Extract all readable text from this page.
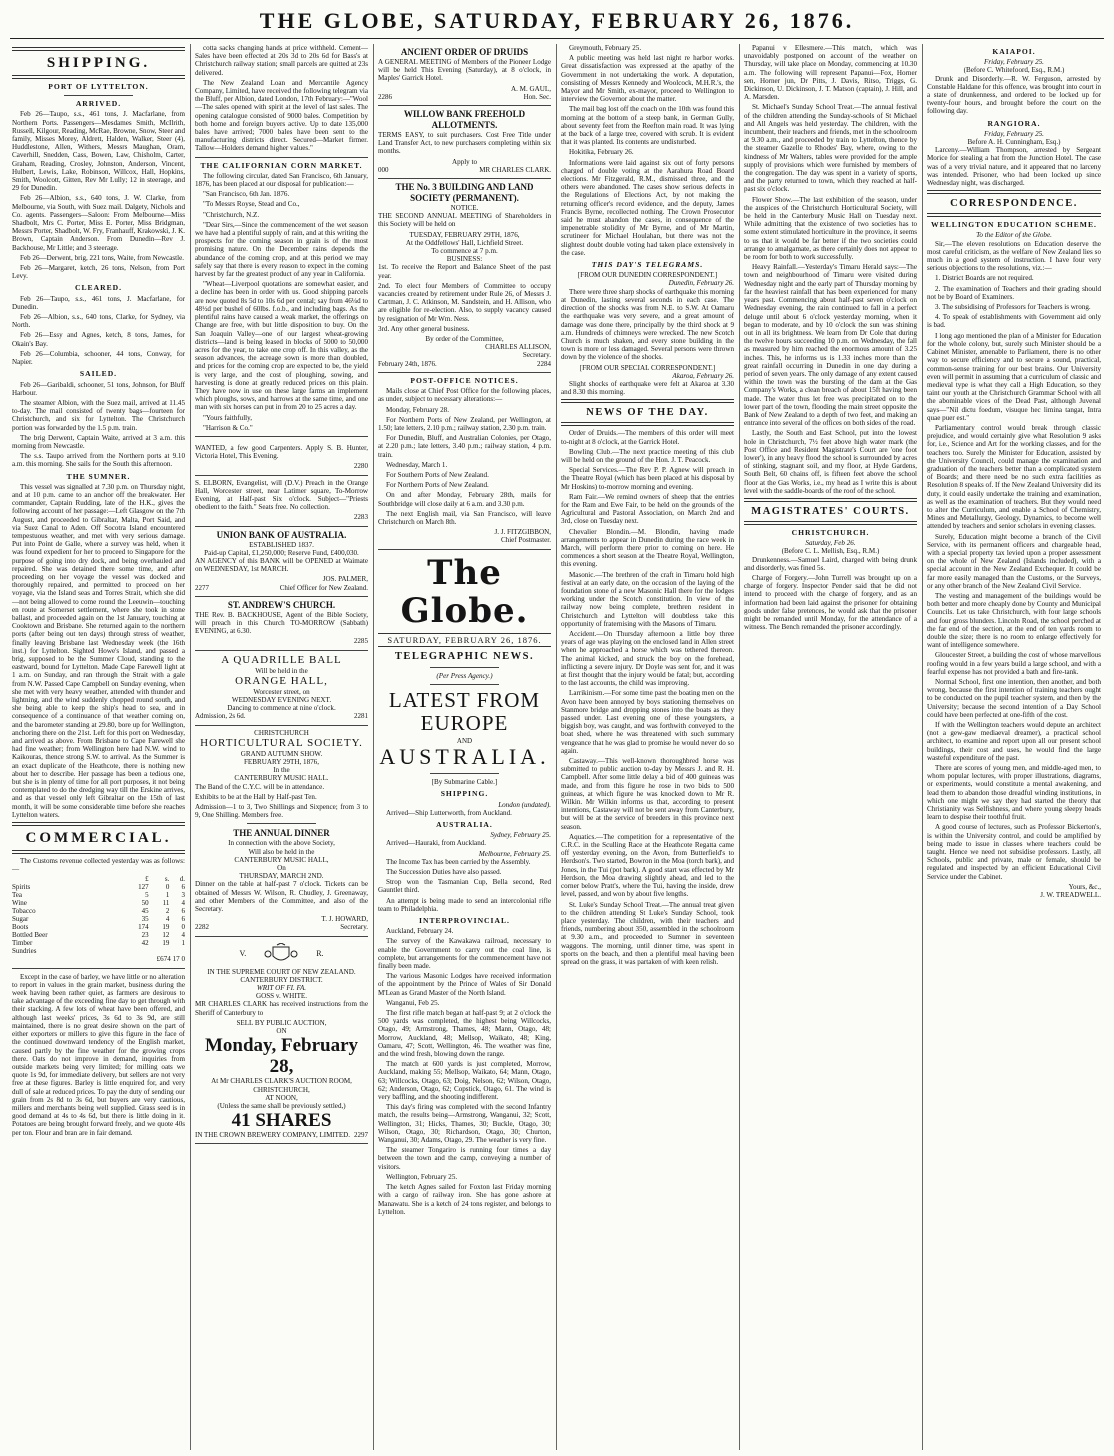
THE GLOBE, SATURDAY, FEBRUARY 26, 1876.
SHIPPING.
PORT OF LYTTELTON.
ARRIVED.

Feb 26—Taupo, s.s., 461 tons, J. Macfarlane, from Northern Ports. Passengers—Mesdames Smith, McIlrith, Russell, Kilgour, Reading, McRae, Browne, Snow, Steer and family, Misses Morey, Aldrett, Halden, Walker, Steer (4), Huddlestone, Allen, Withers, Messrs Maughan, Oram, Caverhill, Snedden, Cass, Bowen, Law, Chisholm, Carter, Graham, Reading, Crosley, Johnston, Anderson, Vincent, Hulbert, Lewis, Lake, Robinson, Willcox, Hall, Hopkins, Smith, Woolcott, Gitten, Rev Mr Lully; 12 in steerage, and 29 for Dunedin.

Feb 26—Albion, s.s., 640 tons, J. W. Clarke, from Melbourne, via South, with Suez mail. Dalgety, Nichols and Co. agents. Passengers—Saloon: From Melbourne—Miss Shadbolt, Mrs C. Porter, Miss E. Porter, Miss Bridgman, Messrs Porter, Shadbolt, W. Fry, Franhauff, Krakowski, J. K. Brown, Captain Anderson. From Dunedin—Rev J. Backhouse, Mr Little; and 3 steerage.

Feb 26—Derwent, brig, 221 tons, Waite, from Newcastle.

Feb 26—Margaret, ketch, 26 tons, Nelson, from Port Levy.

CLEARED.

Feb 26—Taupo, s.s., 461 tons, J. Macfarlane, for Dunedin.

Feb 26—Albion, s.s., 640 tons, Clarke, for Sydney, via North.

Feb 26—Essy and Agnes, ketch, 8 tons, James, for Okain's Bay.

Feb 26—Columbia, schooner, 44 tons, Conway, for Napier.

SAILED.

Feb 26—Garibaldi, schooner, 51 tons, Johnson, for Bluff Harbour.

The steamer Albion, with the Suez mail, arrived at 11.45 to-day. The mail consisted of twenty bags—fourteen for Christchurch, and six for Lyttelton. The Christchurch portion was forwarded by the 1.5 p.m. train.

The brig Derwent, Captain Waite, arrived at 3 a.m. this morning from Newcastle.

The s.s. Taupo arrived from the Northern ports at 9.10 a.m. this morning. She sails for the South this afternoon.

THE SUMNER.

This vessel was signalled at 7.30 p.m. on Thursday night, and at 10 p.m. came to an anchor off the breakwater. Her commander, Captain Rudding, late of the H.K., gives the following account of her passage:—Left Glasgow on the 7th August, and proceeded to Gibraltar, Malta, Port Said, and via Suez Canal to Aden. Off Socotra Island encountered tempestuous weather, and met with very serious damage. Put into Point de Galle, where a survey was held, when it was found expedient for her to proceed to Singapore for the purpose of going into dry dock, and being overhauled and repaired. She was detained there some time, and after proceeding on her voyage the vessel was docked and thoroughly repaired, and permitted to proceed on her voyage, via the Island seas and Torres Strait, which she did—not being allowed to come round the Leeuwin—touching en route at Somerset settlement, where she took in stone ballast, and proceeded again on the 1st January, touching at Cooktown and Brisbane. She returned again to the northern ports (after being out ten days) through stress of weather, finally leaving Brisbane last Wednesday week (the 16th inst.) for Lyttelton. Sighted Howe's Island, and passed a brig, supposed to be the Summer Cloud, standing to the eastward, bound for Lyttelton. Made Cape Farewell light at 1 a.m. on Sunday, and ran through the Strait with a gale from N.W. Passed Cape Campbell on Sunday evening, when she met with very heavy weather, attended with thunder and lightning, and the wind suddenly chopped round south, and she being able to keep the ship's head to sea, and in consequence of a continuance of that weather coming on, and the barometer standing at 29.80, bore up for Wellington, anchoring there on the 21st. Left for this port on Wednesday, and arrived as above. From Brisbane to Cape Farewell she had fine weather; from Wellington here had N.W. wind to Kaikouras, thence strong S.W. to arrival. As the Summer is an exact duplicate of the Heathcote, there is nothing new about her to describe. Her passage has been a tedious one, but she is in plenty of time for all port purposes, it not being contemplated to do the dredging way till the Erskine arrives, and as that vessel only left Gibraltar on the 15th of last month, it will be some considerable time before she reaches Lyttelton waters.

COMMERCIAL.

The Customs revenue collected yesterday was as follows:—

	£	s.	d.
Spirits	127	0	6
Tea	5	1	3
Wine	50	11	4
Tobacco	45	2	6
Sugar	35	4	6
Boots	174	19	0
Bottled Beer	23	12	4
Timber	42	19	1
Sundries			
£674 17 0

Except in the case of barley, we have little or no alteration to report in values in the grain market, business during the week having been rather quiet, as farmers are desirous to take advantage of the exceeding fine day to get through with their stacking. A few lots of wheat have been offered, and although last weeks' prices, 3s 6d to 3s 9d, are still maintained, there is no great desire shown on the part of either exporters or millers to give this figure in the face of the continued downward tendency of the English market, caused partly by the fine weather for the growing crops there. Oats do not improve in demand, inquiries from outside markets being very limited; for milling oats we quote 1s 9d, for immediate delivery, but sellers are not very free at these figures. Barley is little enquired for, and very dull of sale at reduced prices. To pay the duty of sending our grain from 2s 8d to 3s 6d, but buyers are very cautious, millers and merchants being well supplied. Grass seed is in good demand at 4s to 4s 6d, but there is little doing in it. Potatoes are being brought forward freely, and we quote 40s per ton. Flour and bran are in fair demand.

cotta sacks changing hands at price withheld. Cement—Sales have been effected at 20s 3d to 20s 6d for Bass's at Christchurch railway station; small parcels are quitted at 23s delivered.

The New Zealand Loan and Mercantile Agency Company, Limited, have received the following telegram via the Bluff, per Albion, dated London, 17th February:—"Wool—The sales opened with spirit at the level of last sales. The opening catalogue consisted of 9000 bales. Competition by both home and foreign buyers active. Up to date 135,000 bales have arrived; 7000 bales have been sent to the manufacturing districts direct. Secured—Market firmer. Tallow—Holders demand higher values."

THE CALIFORNIAN CORN MARKET.

The following circular, dated San Francisco, 6th January, 1876, has been placed at our disposal for publication:—

"San Francisco, 6th Jan. 1876.

"To Messrs Royse, Stead and Co.,

"Christchurch, N.Z.

"Dear Sirs,—Since the commencement of the wet season we have had a plentiful supply of rain, and at this writing the prospects for the coming season in grain is of the most promising nature. On the December rains depends the abundance of the coming crop, and at this period we may safely say that there is every reason to expect in the coming harvest by far the greatest product of any year in California.

"Wheat—Liverpool quotations are somewhat easier, and a decline has been in order with us. Good shipping parcels are now quoted 8s 5d to 10s 6d per cental; say from 46¼d to 48½d per bushel of 60lbs. f.o.b., and including bags. As the plentiful rains have caused a weak market, the offerings on Change are free, with but little disposition to buy. On the San Joaquin Valley—one of our largest wheat-growing districts—land is being leased in blocks of 5000 to 50,000 acres for the year, to take one crop off. In this valley, as the season advances, the acreage sown is more than doubled, and prices for the coming crop are expected to be, the yield is very large, and the cost of ploughing, sowing, and harvesting is done at greatly reduced prices on this plain. They have now in use on these large farms an implement which ploughs, sows, and harrows at the same time, and one man with six horses can put in from 20 to 25 acres a day.

"Yours faithfully,

"Harrison & Co."

WANTED, a few good Carpenters. Apply S. B. Hunter, Victoria Hotel, This Evening.

2280

S. ELBORN, Evangelist, will (D.V.) Preach in the Orange Hall, Worcester street, near Latimer square, To-Morrow Evening, at Half-past Six o'clock. Subject—"Priests obedient to the faith." Seats free. No collection.

2283
UNION BANK OF AUSTRALIA.
ESTABLISHED 1837.
Paid-up Capital, £1,250,000; Reserve Fund, £400,030.

AN AGENCY of this BANK will be OPENED at Waimate on WEDNESDAY, 1st MARCH.

JOS. PALMER,
2277	Chief Officer for New Zealand.
ST. ANDREW'S CHURCH.

THE Rev. B. BACKHOUSE, Agent of the Bible Society, will preach in this Church TO-MORROW (Sabbath) EVENING, at 6.30.

2285
A QUADRILLE BALL
Will be held in the
ORANGE HALL,
Worcester street, on
WEDNESDAY EVENING NEXT.
Dancing to commence at nine o'clock.
Admission, 2s 6d.	2281
CHRISTCHURCH
HORTICULTURAL SOCIETY.
GRAND AUTUMN SHOW.
FEBRUARY 29TH, 1876,
In the
CANTERBURY MUSIC HALL.

The Band of the C.Y.C. will be in attendance.

Exhibits to be at the Hall by Half-past Ten.

Admission—1 to 3, Two Shillings and Sixpence; from 3 to 9, One Shilling. Members free.

THE ANNUAL DINNER
In connection with the above Society,
Will also be held in the
CANTERBURY MUSIC HALL,
On
THURSDAY, MARCH 2ND.

Dinner on the table at half-past 7 o'clock. Tickets can be obtained of Messrs W. Wilson, R. Chudley, J. Greenaway, and other Members of the Committee, and also of the Secretary.

T. J. HOWARD,
2282	Secretary.
V.	R.
IN THE SUPREME COURT OF NEW ZEALAND.
CANTERBURY DISTRICT.
WRIT OF FI. FA.
GOSS v. WHITE.

MR CHARLES CLARK has received instructions from the Sheriff of Canterbury to

SELL BY PUBLIC AUCTION,
ON
Monday, February 28,
At Mr CHARLES CLARK'S AUCTION ROOM, CHRISTCHURCH,
AT NOON,
(Unless the same shall be previously settled,)
41 SHARES
IN THE CROWN BREWERY COMPANY, LIMITED. 2297
ANCIENT ORDER OF DRUIDS

A GENERAL MEETING of Members of the Pioneer Lodge will be held This Evening (Saturday), at 8 o'clock, in Maples' Garrick Hotel.

A. M. GAUL,
2286	Hon. Sec.
WILLOW BANK FREEHOLD ALLOTMENTS.

TERMS EASY, to suit purchasers. Cost Free Title under Land Transfer Act, to new purchasers completing within six months.

Apply to
000	MR CHARLES CLARK.
THE No. 3 BUILDING AND LAND SOCIETY (PERMANENT).
NOTICE.

THE SECOND ANNUAL MEETING of Shareholders in this Society will be held on

TUESDAY, FEBRUARY 29TH, 1876,
At the Oddfellows' Hall, Lichfield Street.
To commence at 7 p.m.
BUSINESS:

1st. To receive the Report and Balance Sheet of the past year.

2nd. To elect four Members of Committee to occupy vacancies created by retirement under Rule 26, of Messrs J. Cartman, J. C. Atkinson, M. Sandstein, and H. Allison, who are eligible for re-election. Also, to supply vacancy caused by resignation of Mr Wm. Ness.

3rd. Any other general business.

By order of the Committee,
CHARLES ALLISON,
Secretary.
February 24th, 1876.	2284
POST-OFFICE NOTICES.

Mails close at Chief Post Office for the following places, as under, subject to necessary alterations:—

Monday, February 28.

For Northern Ports of New Zealand, per Wellington, at 1.50; late letters, 2.10 p.m.; railway station, 2.30 p.m. train.

For Dunedin, Bluff, and Australian Colonies, per Otago, at 2.20 p.m.; late letters, 3.40 p.m.; railway station, 4 p.m. train.

Wednesday, March 1.

For Southern Ports of New Zealand.

For Northern Ports of New Zealand.

On and after Monday, February 28th, mails for Southbridge will close daily at 6 a.m. and 3.30 p.m.

The next English mail, via San Francisco, will leave Christchurch on March 8th.

J. J. FITZGIBBON,
Chief Postmaster.
The Globe.
SATURDAY, FEBRUARY 26, 1876.
TELEGRAPHIC NEWS.
(Per Press Agency.)
LATEST FROM EUROPE
AND
AUSTRALIA.
[By Submarine Cable.]
SHIPPING.
London (undated).

Arrived—Ship Lutterworth, from Auckland.

AUSTRALIA.
Sydney, February 25.

Arrived—Hauraki, from Auckland.

Melbourne, February 25.

The Income Tax has been carried by the Assembly.

The Succession Duties have also passed.

Strop won the Tasmanian Cup, Bella second, Red Gauntlet third.

An attempt is being made to send an intercolonial rifle team to Philadelphia.

INTERPROVINCIAL.

Auckland, February 24.

The survey of the Kawakawa railroad, necessary to enable the Government to carry out the coal line, is complete, but arrangements for the commencement have not finally been made.

The various Masonic Lodges have received information of the appointment by the Prince of Wales of Sir Donald M'Lean as Grand Master of the North Island.

Wanganui, Feb 25.

The first rifle match began at half-past 9; at 2 o'clock the 500 yards was completed, the highest being Willcocks, Otago, 49; Armstrong, Thames, 48; Mann, Otago, 48; Morrow, Auckland, 48; Mellsop, Waikato, 48; King, Oamaru, 47; Scott, Wellington, 46. The weather was fine, and the wind fresh, blowing down the range.

The match at 600 yards is just completed, Morrow, Auckland, making 55; Mellsop, Waikato, 64; Mann, Otago, 63; Willcocks, Otago, 63; Doig, Nelson, 62; Wilson, Otago, 62; Anderson, Otago, 62; Copstick, Otago, 61. The wind is very baffling, and the shooting indifferent.

This day's firing was completed with the second Infantry match, the results being—Armstrong, Wanganui, 32; Scott, Wellington, 31; Hicks, Thames, 30; Buckle, Otago, 30; Wilson, Otago, 30; Richardson, Otago, 30; Churton, Wanganui, 30; Adams, Otago, 29. The weather is very fine.

The steamer Tongariro is running four times a day between the town and the camp, conveying a number of visitors.

Wellington, February 25.

The ketch Agnes sailed for Foxton last Friday morning with a cargo of railway iron. She has gone ashore at Manawatu. She is a ketch of 24 tons register, and belongs to Lyttelton.

Greymouth, February 25.

A public meeting was held last night re harbor works. Great dissatisfaction was expressed at the apathy of the Government in not undertaking the work. A deputation, consisting of Messrs Kennedy and Woolcock, M.H.R.'s, the Mayor and Mr Smith, ex-mayor, proceed to Wellington to interview the Governor about the matter.

The mail bag lost off the coach on the 10th was found this morning at the bottom of a steep bank, in German Gully, about seventy feet from the Reefton main road. It was lying at the back of a large tree, covered with scrub. It is evident that it was planted. Its contents are undisturbed.

Hokitika, February 26.

Informations were laid against six out of forty persons charged of double voting at the Aarahura Road Board elections. Mr Fitzgerald, R.M., dismissed three, and the others were abandoned. The cases show serious defects in the Regulations of Elections Act, by not making the returning officer's record evidence, and the deputy, James Francis Byrne, recollected nothing. The Crown Prosecutor said he must abandon the cases, in consequence of the impenetrable stolidity of Mr Byrne, and of Mr Martin, scrutineer for Michael Houlahan, but there was not the slightest doubt double voting had taken place extensively in the case.

THIS DAY'S TELEGRAMS.
[FROM OUR DUNEDIN CORRESPONDENT.]
Dunedin, February 26.

There were three sharp shocks of earthquake this morning at Dunedin, lasting several seconds in each case. The direction of the shocks was from N.E. to S.W. At Oamaru the earthquake was very severe, and a great amount of damage was done there, principally by the third shock at 9 a.m. Hundreds of chimneys were wrecked. The new Scotch Church is much shaken, and every stone building in the town is more or less damaged. Several persons were thrown down by the violence of the shocks.

[FROM OUR SPECIAL CORRESPONDENT.]
Akaroa, February 26.

Slight shocks of earthquake were felt at Akaroa at 3.30 and 8.30 this morning.

NEWS OF THE DAY.

Order of Druids.—The members of this order will meet to-night at 8 o'clock, at the Garrick Hotel.

Bowling Club.—The next practice meeting of this club will be held on the ground of the Hon. J. T. Peacock.

Special Services.—The Rev P. P. Agnew will preach in the Theatre Royal (which has been placed at his disposal by Mr Hoskins) to-morrow morning and evening.

Ram Fair.—We remind owners of sheep that the entries for the Ram and Ewe Fair, to be held on the grounds of the Agricultural and Pastoral Association, on March 2nd and 3rd, close on Tuesday next.

Chevalier Blondin.—M. Blondin, having made arrangements to appear in Dunedin during the race week in March, will perform there prior to coming on here. He commences a short season at the Theatre Royal, Wellington, this evening.

Masonic.—The brethren of the craft in Timaru hold high festival at an early date, on the occasion of the laying of the foundation stone of a new Masonic Hall there for the lodges working under the Scotch constitution. In view of the railway now being complete, brethren resident in Christchurch and Lyttelton will doubtless take this opportunity of fraternising with the Masons of Timaru.

Accident.—On Thursday afternoon a little boy three years of age was playing on the enclosed land in Allen street when he approached a horse which was tethered thereon. The animal kicked, and struck the boy on the forehead, inflicting a severe injury. Dr Doyle was sent for, and it was at first thought that the injury would be fatal; but, according to the last accounts, the child was improving.

Larrikinism.—For some time past the boating men on the Avon have been annoyed by boys stationing themselves on Stanmore bridge and dropping stones into the boats as they passed under. Last evening one of these youngsters, a biggish boy, was caught, and was forthwith conveyed to the boat shed, where he was threatened with such summary vengeance that he was glad to promise he would never do so again.

Castaway.—This well-known thoroughbred horse was submitted to public auction to-day by Messrs J. and R. H. Campbell. After some little delay a bid of 400 guineas was made, and from this figure he rose in two bids to 500 guineas, at which figure he was knocked down to Mr R. Wilkin. Mr Wilkin informs us that, according to present intentions, Castaway will not be sent away from Canterbury, but will be at the service of breeders in this province next season.

Aquatics.—The competition for a representative of the C.R.C. in the Sculling Race at the Heathcote Regatta came off yesterday evening, on the Avon, from Butterfield's to Herdson's. Two started, Bowron in the Moa (torch bark), and Jones, in the Tui (pot bark). A good start was effected by Mr Herdson, the Moa drawing slightly ahead, and led to the corner below Pratt's, where the Tui, having the inside, drew level, passed, and won by about five lengths.

St. Luke's Sunday School Treat.—The annual treat given to the children attending St Luke's Sunday School, took place yesterday. The children, with their teachers and friends, numbering about 350, assembled in the schoolroom at 9.30 a.m., and proceeded to Sumner in seventeen waggons. The morning, until dinner time, was spent in sports on the beach, and then a plentiful meal having been spread on the grass, it was partaken of with keen relish.

Papanui v Ellesmere.—This match, which was unavoidably postponed on account of the weather on Thursday, will take place on Monday, commencing at 10.30 a.m. The following will represent Papanui—Fox, Horner sen, Horner jun, Dr Pitts, J. Davis, Ritso, Triggs, G. Dickinson, U. Dickinson, J. T. Matson (captain), J. Hill, and A. Marsden.

St. Michael's Sunday School Treat.—The annual festival of the children attending the Sunday-schools of St Michael and All Angels was held yesterday. The children, with the incumbent, their teachers and friends, met in the schoolroom at 9.30 a.m., and proceeded by train to Lyttelton, thence by the steamer Gazelle to Rhodes' Bay, where, owing to the kindness of Mr Walters, tables were provided for the ample supply of provisions which were furnished by members of the congregation. The day was spent in a variety of sports, and the party returned to town, which they reached at half-past six o'clock.

Flower Show.—The last exhibition of the season, under the auspices of the Christchurch Horticultural Society, will be held in the Canterbury Music Hall on Tuesday next. While admitting that the existence of two societies has to some extent stimulated horticulture in the province, it seems to us that it would be far better if the two societies could arrange to amalgamate, as there certainly does not appear to be room for both to work successfully.

Heavy Rainfall.—Yesterday's Timaru Herald says:—The town and neighbourhood of Timaru were visited during Wednesday night and the early part of Thursday morning by far the heaviest rainfall that has been experienced for many years past. Commencing about half-past seven o'clock on Wednesday evening, the rain continued to fall in a perfect deluge until about 6 o'clock yesterday morning, when it began to moderate, and by 10 o'clock the sun was shining out in all its brightness. We learn from Dr Cole that during the twelve hours succeeding 10 p.m. on Wednesday, the fall as measured by him reached the enormous amount of 3.25 inches. This, he informs us is 1.33 inches more than the great rainfall occurring in Dunedin in one day during a period of seven years. The only damage of any extent caused within the town was the bursting of the dam at the Gas Company's Works, a clean breach of about 15ft having been made. The water thus let free was precipitated on to the lower part of the town, flooding the main street opposite the Bank of New Zealand to a depth of two feet, and making an entrance into several of the offices on both sides of the road.

Lastly, the South and East School, put into the lowest hole in Christchurch, 7½ feet above high water mark (the Post Office and Resident Magistrate's Court are 'one foot lower'), in any heavy flood the school is surrounded by acres of stinking, stagnant soil, and my floor, at Hyde Gardens, South Belt, 60 chains off, is fifteen feet above the school floor at the Gas Works, i.e., my head as I write this is about level with the saddle-boards of the roof of the school.

MAGISTRATES' COURTS.
CHRISTCHURCH.
Saturday, Feb 26.
(Before C. L. Mellish, Esq., R.M.)

Drunkenness.—Samuel Laird, charged with being drunk and disorderly, was fined 5s.

Charge of Forgery.—John Turrell was brought up on a charge of forgery. Inspector Pender said that he did not intend to proceed with the charge of forgery, and as an information had been laid against the prisoner for obtaining goods under false pretences, he would ask that the prisoner might be remanded until Monday, for the attendance of a witness. The Bench remanded the prisoner accordingly.

KAIAPOI.
Friday, February 25.
(Before C. Whitefoord, Esq., R.M.)

Drunk and Disorderly.—R. W. Ferguson, arrested by Constable Haldane for this offence, was brought into court in a state of drunkenness, and ordered to be locked up for twenty-four hours, and brought before the court on the following day.

RANGIORA.
Friday, February 25.
Before A. H. Cunningham, Esq.)

Larceny.—William Thompson, arrested by Sergeant Morice for stealing a hat from the Junction Hotel. The case was of a very trivial nature, and it appeared that no larceny was intended. Prisoner, who had been locked up since Wednesday night, was discharged.

CORRESPONDENCE.
WELLINGTON EDUCATION SCHEME.
To the Editor of the Globe.

Sir,—The eleven resolutions on Education deserve the most careful criticism, as the welfare of New Zealand lies so much in a good system of instruction. I have four very serious objections to the resolutions, viz.:—

1. District Boards are not required.

2. The examination of Teachers and their grading should not be by Board of Examiners.

3. The subsidising of Professors for Teachers is wrong.

4. To speak of establishments with Government aid only is bad.

I long ago mentioned the plan of a Minister for Education for the whole colony, but, surely such Minister should be a Cabinet Minister, amenable to Parliament, there is no other way to secure efficiency and to secure a sound, practical, common-sense training for our best brains. Our University even will permit in assuming that a curriculum of classic and medieval type is what they call a High Education, so they taint our youth at the Christchurch Grammar School with all the abominable vices of the Dead Past, although Juvenal says—"Nil dictu foedum, visuque hec limina tangat, Intra quae puer est."

Parliamentary control would break through classic prejudice, and would certainly give what Resolution 9 asks for, i.e., Science and Art for the working classes, and for the teachers too. Surely the Minister for Education, assisted by the University Council, could manage the examination and graduation of the teachers better than a complicated system of Boards; and there need be no such extra facilities as Resolution 8 speaks of. If the New Zealand University did its duty, it could easily undertake the training and examination, as well as the examination of teachers. But they would need to alter the Curriculum, and enable a School of Chemistry, Mines and Metallurgy, Geology, Dynamics, to become well attended by teachers and senior scholars in evening classes.

Surely, Education might become a branch of the Civil Service, with its permanent officers and chargeable head, with a special property tax levied upon a proper assessment on the whole of New Zealand (Islands included), with a special account in the New Zealand Exchequer. It could be far more easily managed than the Customs, or the Surveys, or any other branch of the New Zealand Civil Service.

The vesting and management of the buildings would be both better and more cheaply done by County and Municipal Councils. Let us take Christchurch, with four large schools and four gross blunders. Lincoln Road, the school perched at the far end of the section, at the end of ten yards room to double the size; there is no room to enlarge effectively for want of intelligence somewhere.

Gloucester Street, a building the cost of whose marvellous roofing would in a few years build a large school, and with a fearful expense has not provided a bath and fire-tank.

Normal School, first one intention, then another, and both wrong, because the first intention of training teachers ought to be conducted on the pupil teacher system, and then by the University; because the second intention of a Day School could have been perfected at one-fifth of the cost.

If with the Wellington teachers would depute an architect (not a gew-gaw mediaeval dreamer), a practical school architect, to examine and report upon all our present school buildings, their cost and uses, he would find the large wasteful expenditure of the past.

There are scores of young men, and middle-aged men, to whom popular lectures, with proper illustrations, diagrams, or experiments, would constitute a mental awakening, and lead them to abandon those dreadful winding institutions, in which one might we say they had started the theory that Christianity was Selfishness, and where young sleepy heads learn to despise their toothful fruit.

A good course of lectures, such as Professor Bickerton's, is within the University control, and could be amplified by being made to issue in classes where teachers could be taught. Hence we need not subsidise professors. Lastly, all Schools, public and private, male or female, should be regulated and inspected by an efficient Educational Civil Service under the Cabinet.

Yours, &c.,
J. W. TREADWELL.
